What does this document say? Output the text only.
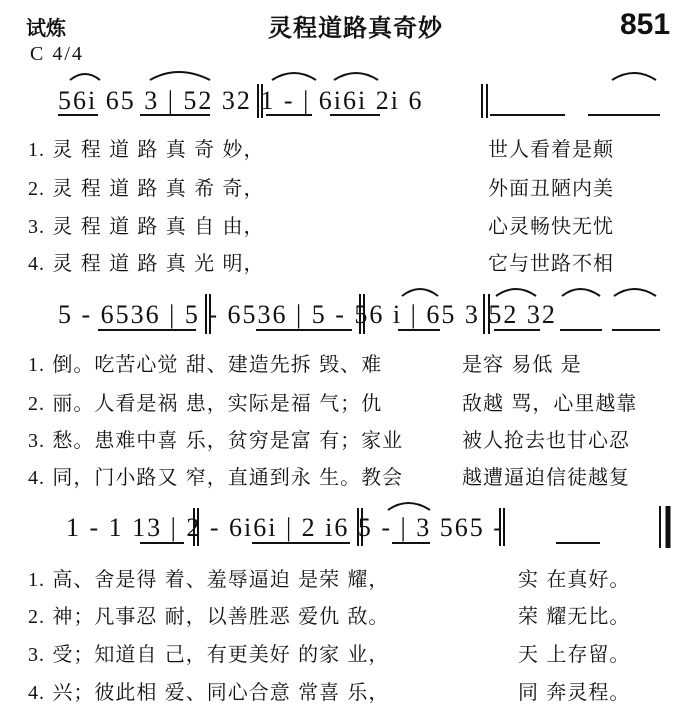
试炼	灵程道路真奇妙	851
C 4/4
56i 65 3 | 52 32 1 - | 6i6i 2i 6
1. 灵 程 道 路 真 奇 妙，	世人看着是颠
2. 灵 程 道 路 真 希 奇，	外面丑陋内美
3. 灵 程 道 路 真 自 由，	心灵畅快无忧
4. 灵 程 道 路 真 光 明，	它与世路不相
5 - 6536 | 5 - 6536 | 5 - 56 i | 65 3 52 32
1. 倒。吃苦心觉 甜、建造先拆 毁、难	是容 易低 是
2. 丽。人看是祸 患，实际是福 气；仇	敌越 骂，心里越靠
3. 愁。患难中喜 乐，贫穷是富 有；家业	被人抢去也甘心忍
4. 同，门小路又 窄，直通到永 生。教会	越遭逼迫信徒越复
1 - 1 13 | 2 - 6i6i | 2 i6 5 - | 3 565 -
1. 高、舍是得 着、羞辱逼迫 是荣 耀，	实 在真好。
2. 神；凡事忍 耐，以善胜恶 爱仇 敌。	荣 耀无比。
3. 受；知道自 己，有更美好 的家 业，	天 上存留。
4. 兴；彼此相 爱、同心合意 常喜 乐，	同 奔灵程。
